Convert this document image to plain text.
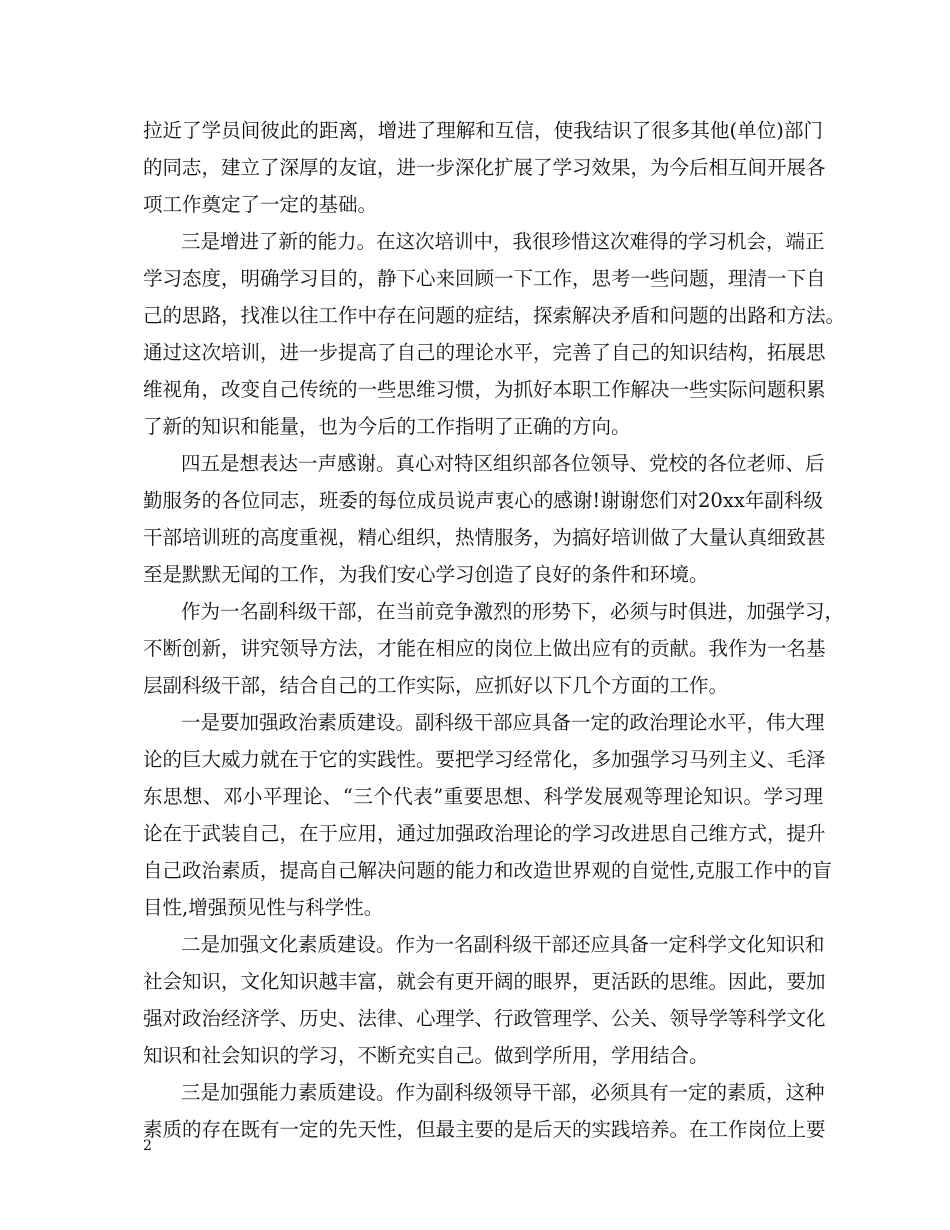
拉近了学员间彼此的距离，增进了理解和互信，使我结识了很多其他(单位)部门
的同志，建立了深厚的友谊，进一步深化扩展了学习效果，为今后相互间开展各
项工作奠定了一定的基础。
三是增进了新的能力。在这次培训中，我很珍惜这次难得的学习机会，端正
学习态度，明确学习目的，静下心来回顾一下工作，思考一些问题，理清一下自
己的思路，找准以往工作中存在问题的症结，探索解决矛盾和问题的出路和方法。
通过这次培训，进一步提高了自己的理论水平，完善了自己的知识结构，拓展思
维视角，改变自己传统的一些思维习惯，为抓好本职工作解决一些实际问题积累
了新的知识和能量，也为今后的工作指明了正确的方向。
四五是想表达一声感谢。真心对特区组织部各位领导、党校的各位老师、后
勤服务的各位同志，班委的每位成员说声衷心的感谢!谢谢您们对20xx年副科级
干部培训班的高度重视，精心组织，热情服务，为搞好培训做了大量认真细致甚
至是默默无闻的工作，为我们安心学习创造了良好的条件和环境。
作为一名副科级干部，在当前竞争激烈的形势下，必须与时俱进，加强学习，
不断创新，讲究领导方法，才能在相应的岗位上做出应有的贡献。我作为一名基
层副科级干部，结合自己的工作实际，应抓好以下几个方面的工作。
一是要加强政治素质建设。副科级干部应具备一定的政治理论水平，伟大理
论的巨大威力就在于它的实践性。要把学习经常化，多加强学习马列主义、毛泽
东思想、邓小平理论、“三个代表”重要思想、科学发展观等理论知识。学习理
论在于武装自己，在于应用，通过加强政治理论的学习改进思自己维方式，提升
自己政治素质，提高自己解决问题的能力和改造世界观的自觉性,克服工作中的盲
目性,增强预见性与科学性。
二是加强文化素质建设。作为一名副科级干部还应具备一定科学文化知识和
社会知识，文化知识越丰富，就会有更开阔的眼界，更活跃的思维。因此，要加
强对政治经济学、历史、法律、心理学、行政管理学、公关、领导学等科学文化
知识和社会知识的学习，不断充实自己。做到学所用，学用结合。
三是加强能力素质建设。作为副科级领导干部，必须具有一定的素质，这种
素质的存在既有一定的先天性，但最主要的是后天的实践培养。在工作岗位上要
2
